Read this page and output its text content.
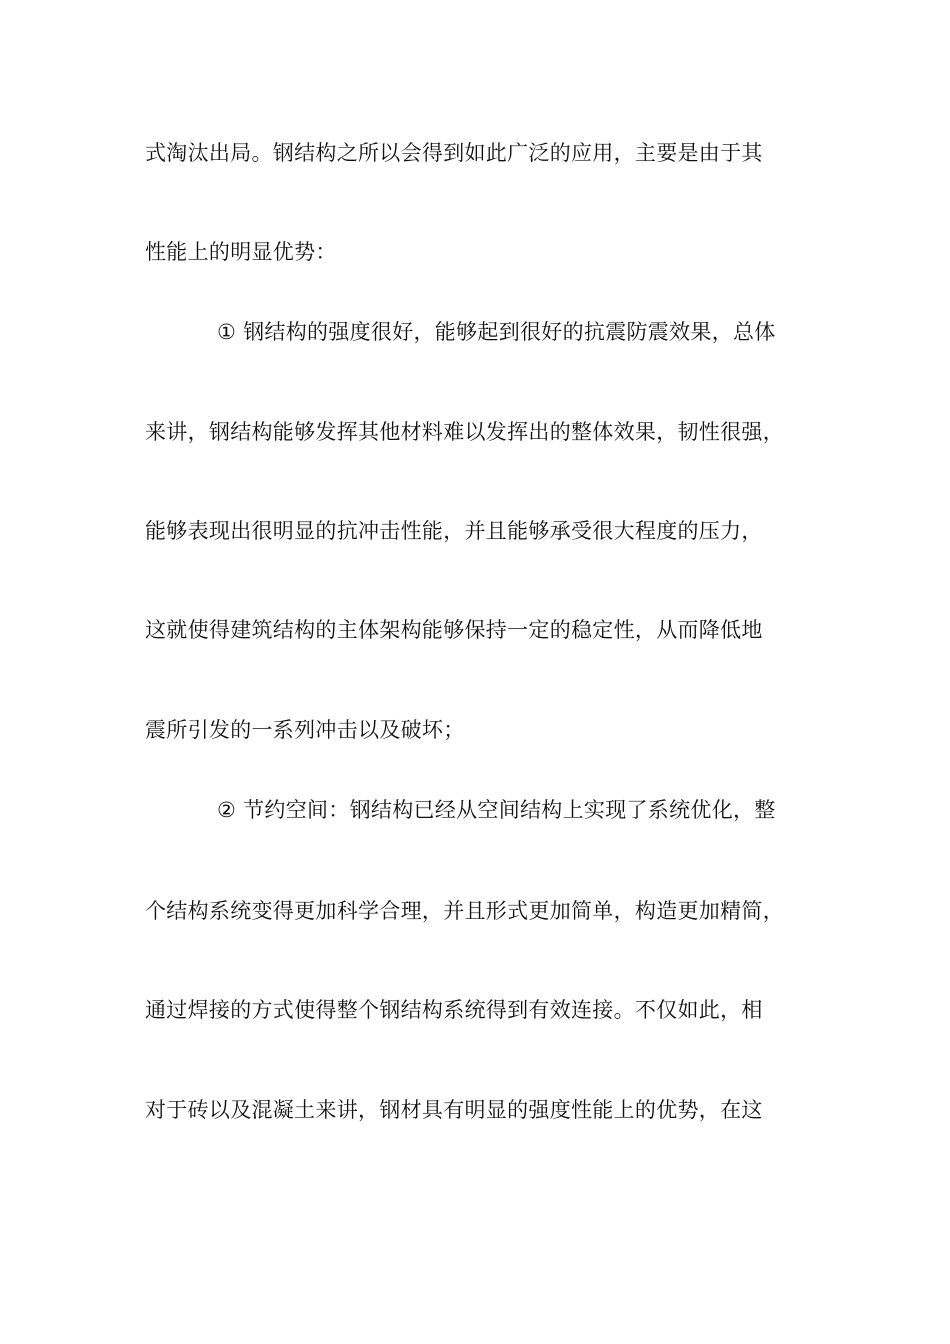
式淘汰出局。钢结构之所以会得到如此广泛的应用，主要是由于其
性能上的明显优势：
① 钢结构的强度很好，能够起到很好的抗震防震效果，总体
来讲，钢结构能够发挥其他材料难以发挥出的整体效果，韧性很强，
能够表现出很明显的抗冲击性能，并且能够承受很大程度的压力，
这就使得建筑结构的主体架构能够保持一定的稳定性，从而降低地
震所引发的一系列冲击以及破坏；
② 节约空间：钢结构已经从空间结构上实现了系统优化，整
个结构系统变得更加科学合理，并且形式更加简单，构造更加精简，
通过焊接的方式使得整个钢结构系统得到有效连接。不仅如此，相
对于砖以及混凝土来讲，钢材具有明显的强度性能上的优势，在这
